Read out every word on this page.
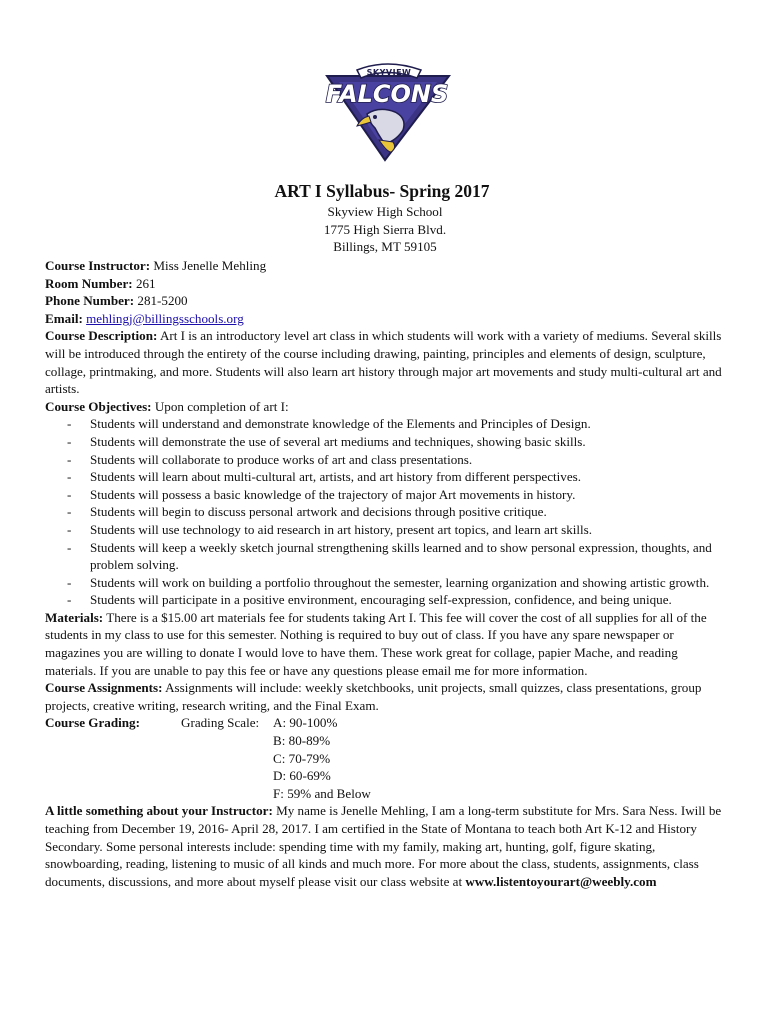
SKYVIEW
FALCONS
ART I Syllabus- Spring 2017
Skyview High School
1775 High Sierra Blvd.
Billings, MT 59105

Course Instructor: Miss Jenelle Mehling

Room Number: 261

Phone Number: 281-5200

Email: mehlingj@billingsschools.org

Course Description: Art I is an introductory level art class in which students will work with a variety of mediums. Several skills will be introduced through the entirety of the course including drawing, painting, principles and elements of design, sculpture, collage, printmaking, and more. Students will also learn art history through major art movements and study multi-cultural art and artists.

Course Objectives: Upon completion of art I:

- Students will understand and demonstrate knowledge of the Elements and Principles of Design.
- Students will demonstrate the use of several art mediums and techniques, showing basic skills.
- Students will collaborate to produce works of art and class presentations.
- Students will learn about multi-cultural art, artists, and art history from different perspectives.
- Students will possess a basic knowledge of the trajectory of major Art movements in history.
- Students will begin to discuss personal artwork and decisions through positive critique.
- Students will use technology to aid research in art history, present art topics, and learn art skills.
- Students will keep a weekly sketch journal strengthening skills learned and to show personal expression, thoughts, and problem solving.
- Students will work on building a portfolio throughout the semester, learning organization and showing artistic growth.
- Students will participate in a positive environment, encouraging self-expression, confidence, and being unique.

Materials: There is a $15.00 art materials fee for students taking Art I. This fee will cover the cost of all supplies for all of the students in my class to use for this semester. Nothing is required to buy out of class. If you have any spare newspaper or magazines you are willing to donate I would love to have them. These work great for collage, papier Mache, and reading materials. If you are unable to pay this fee or have any questions please email me for more information.

Course Assignments: Assignments will include: weekly sketchbooks, unit projects, small quizzes, class presentations, group projects, creative writing, research writing, and the Final Exam.

Course Grading:	Grading Scale:	A: 90-100%
B: 80-89%
C: 70-79%
D: 60-69%
F: 59% and Below

A little something about your Instructor: My name is Jenelle Mehling, I am a long-term substitute for Mrs. Sara Ness. Iwill be teaching from December 19, 2016- April 28, 2017. I am certified in the State of Montana to teach both Art K-12 and History Secondary. Some personal interests include: spending time with my family, making art, hunting, golf, figure skating, snowboarding, reading, listening to music of all kinds and much more. For more about the class, students, assignments, class documents, discussions, and more about myself please visit our class website at www.listentoyourart@weebly.com
